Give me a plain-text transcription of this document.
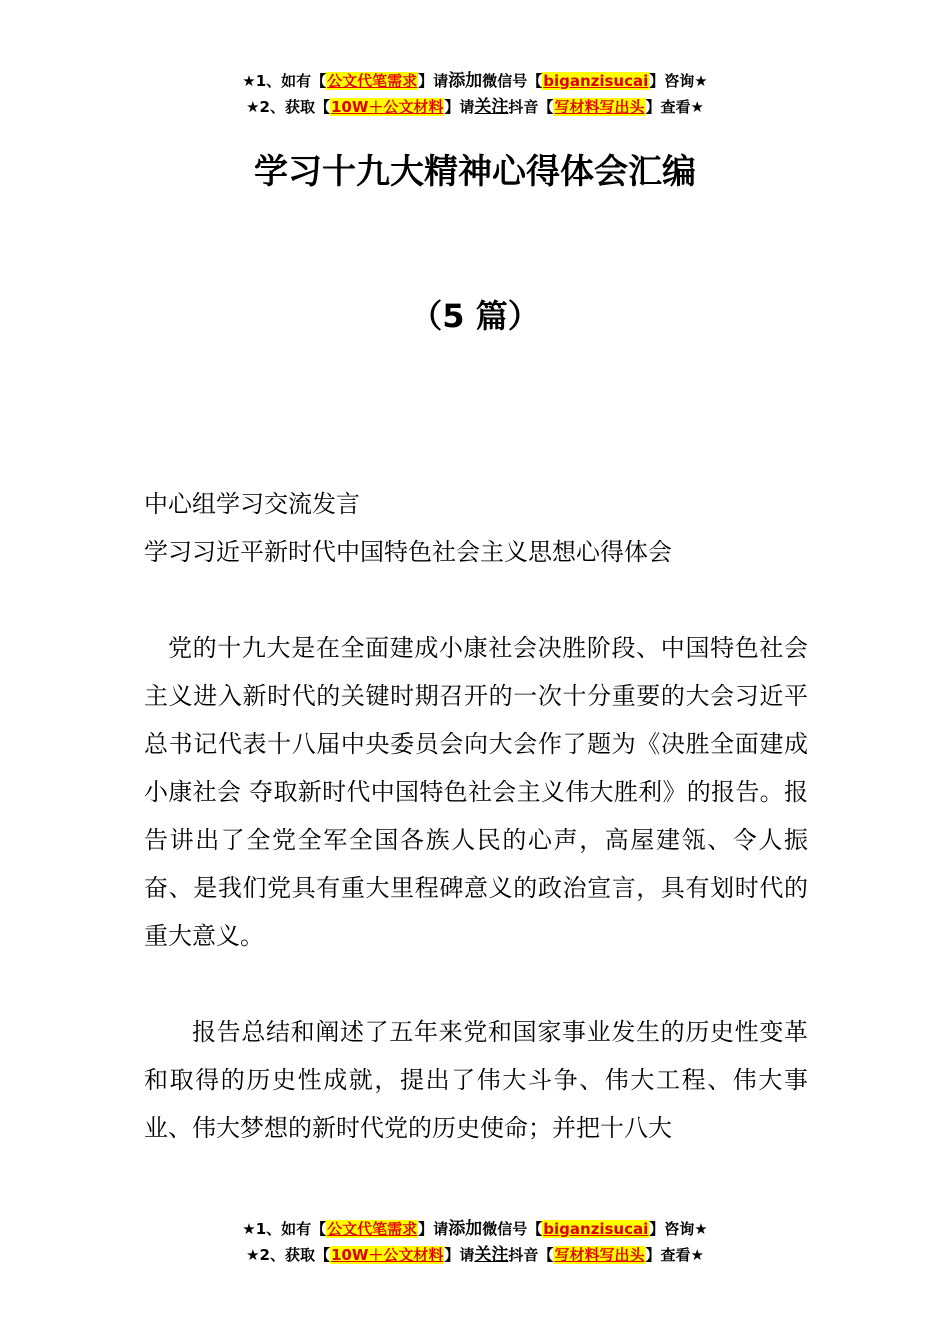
★1、如有【公文代笔需求】请添加微信号【biganzisucai】咨询★
★2、获取【10W＋公文材料】请关注抖音【写材料写出头】查看★
学习十九大精神心得体会汇编
（5 篇）

中心组学习交流发言

学习习近平新时代中国特色社会主义思想心得体会

党的十九大是在全面建成小康社会决胜阶段、中国特色社会主义进入新时代的关键时期召开的一次十分重要的大会习近平总书记代表十八届中央委员会向大会作了题为《决胜全面建成小康社会 夺取新时代中国特色社会主义伟大胜利》的报告。报告讲出了全党全军全国各族人民的心声，高屋建瓴、令人振奋、是我们党具有重大里程碑意义的政治宣言，具有划时代的重大意义。

报告总结和阐述了五年来党和国家事业发生的历史性变革和取得的历史性成就，提出了伟大斗争、伟大工程、伟大事业、伟大梦想的新时代党的历史使命；并把十八大

★1、如有【公文代笔需求】请添加微信号【biganzisucai】咨询★
★2、获取【10W＋公文材料】请关注抖音【写材料写出头】查看★
